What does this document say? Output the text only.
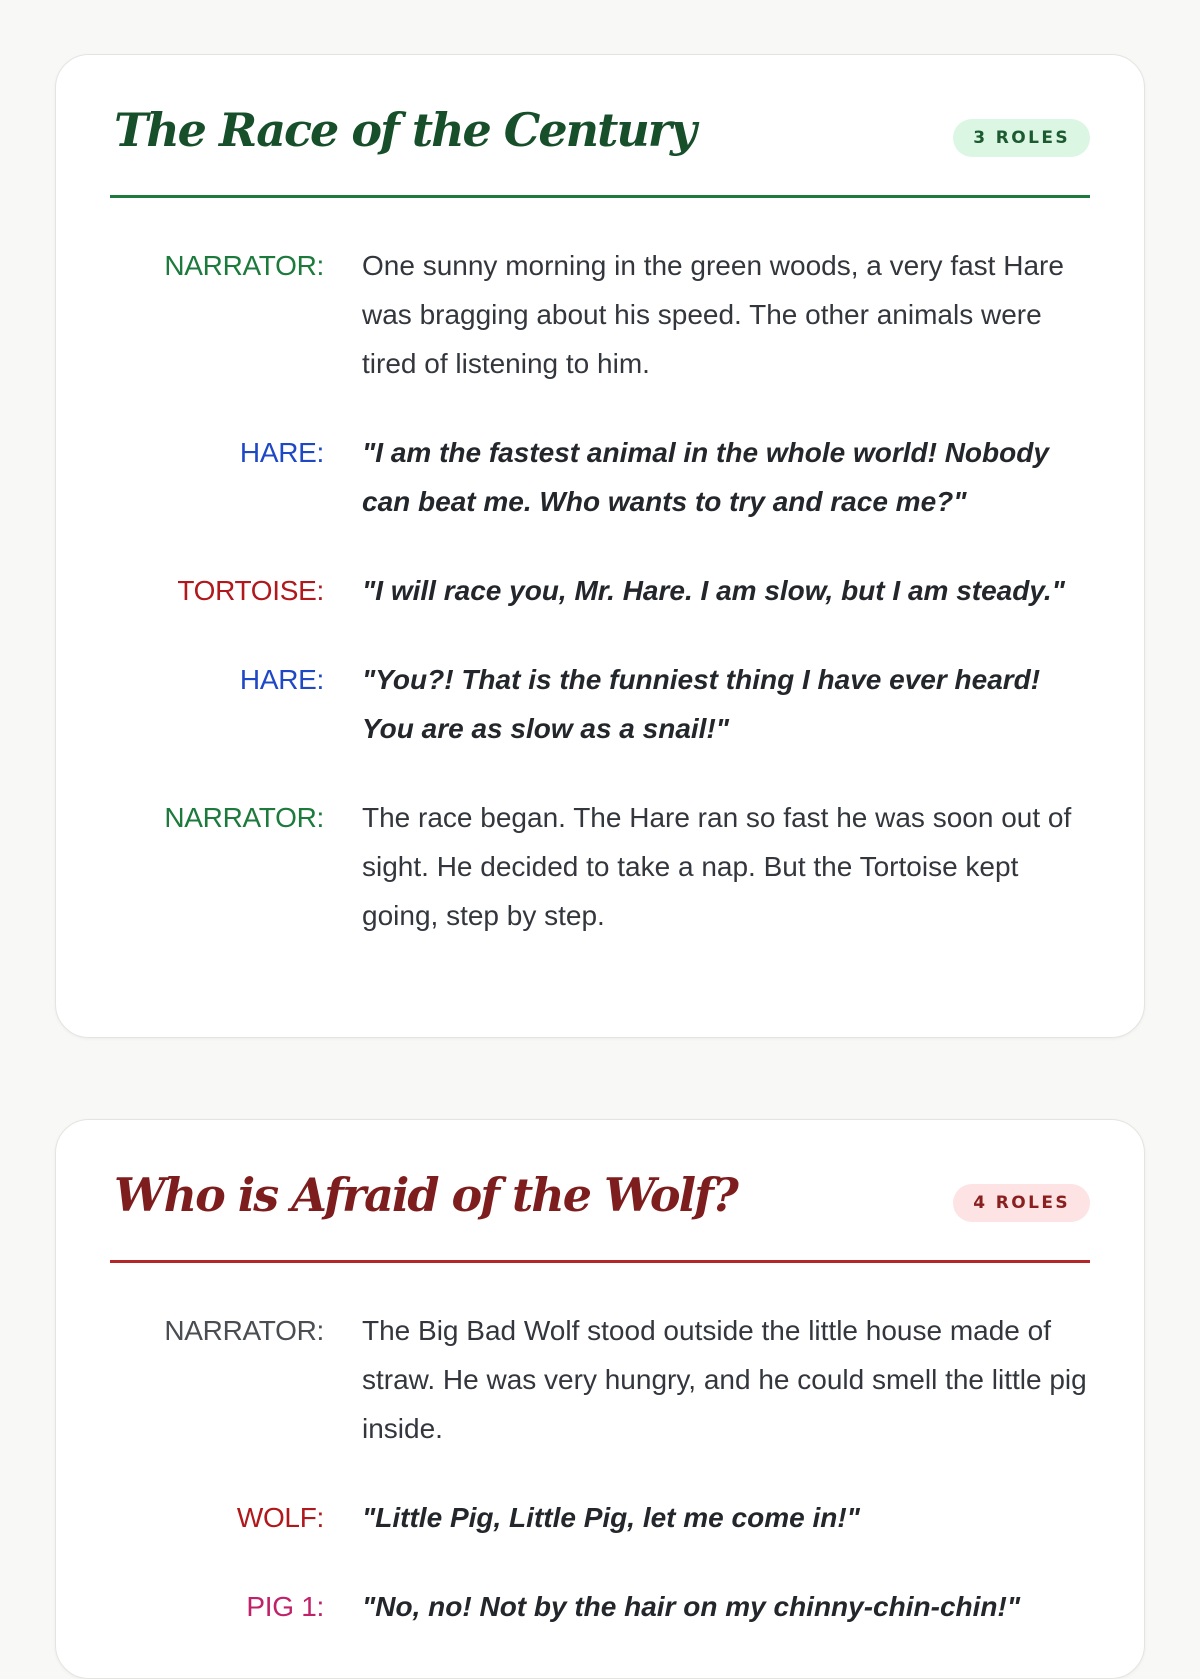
The Race of the Century	3 ROLES
NARRATOR: One sunny morning in the green woods, a very fast Hare was bragging about his speed. The other animals were tired of listening to him.
HARE: "I am the fastest animal in the whole world! Nobody can beat me. Who wants to try and race me?"
TORTOISE: "I will race you, Mr. Hare. I am slow, but I am steady."
HARE: "You?! That is the funniest thing I have ever heard! You are as slow as a snail!"
NARRATOR: The race began. The Hare ran so fast he was soon out of sight. He decided to take a nap. But the Tortoise kept going, step by step.
Who is Afraid of the Wolf?	4 ROLES
NARRATOR: The Big Bad Wolf stood outside the little house made of straw. He was very hungry, and he could smell the little pig inside.
WOLF: "Little Pig, Little Pig, let me come in!"
PIG 1: "No, no! Not by the hair on my chinny-chin-chin!"
